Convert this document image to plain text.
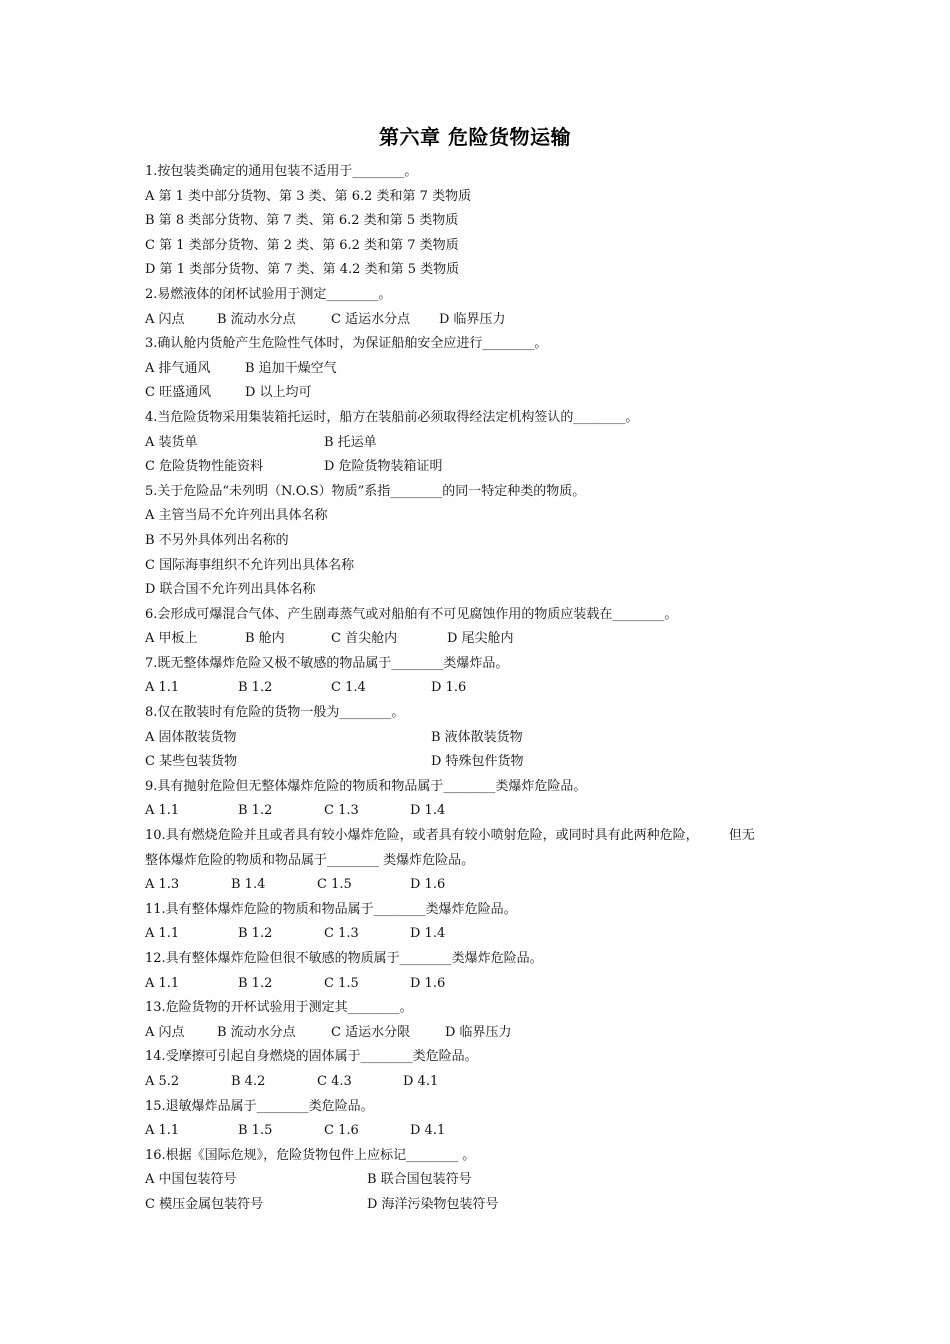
第六章 危险货物运输
1.按包装类确定的通用包装不适用于________。
A 第 1 类中部分货物、第 3 类、第 6.2 类和第 7 类物质
B 第 8 类部分货物、第 7 类、第 6.2 类和第 5 类物质
C 第 1 类部分货物、第 2 类、第 6.2 类和第 7 类物质
D 第 1 类部分货物、第 7 类、第 4.2 类和第 5 类物质
2.易燃液体的闭杯试验用于测定________。
A 闪点 B 流动水分点	C 适运水分点 D 临界压力
3.确认舱内货舱产生危险性气体时，为保证船舶安全应进行________。
A 排气通风	B 追加干燥空气
C 旺盛通风	D 以上均可
4.当危险货物采用集装箱托运时，船方在装船前必须取得经法定机构签认的________。
A 装货单	B 托运单
C 危险货物性能资料	D 危险货物装箱证明
5.关于危险品“未列明（N.O.S）物质”系指________的同一特定种类的物质。
A 主管当局不允许列出具体名称
B 不另外具体列出名称的
C 国际海事组织不允许列出具体名称
D 联合国不允许列出具体名称
6.会形成可爆混合气体、产生剧毒蒸气或对船舶有不可见腐蚀作用的物质应装载在________。
A 甲板上	B 舱内	C 首尖舱内	D 尾尖舱内
7.既无整体爆炸危险又极不敏感的物品属于________类爆炸品。
A 1.1	B 1.2	C 1.4	D 1.6
8.仅在散装时有危险的货物一般为________。
A 固体散装货物	B 液体散装货物
C 某些包装货物	D 特殊包件货物
9.具有抛射危险但无整体爆炸危险的物质和物品属于________类爆炸危险品。
A 1.1	B 1.2	C 1.3	D 1.4
10.具有燃烧危险并且或者具有较小爆炸危险，或者具有较小喷射危险，或同时具有此两种危险， 但无
整体爆炸危险的物质和物品属于________ 类爆炸危险品。
A 1.3	B 1.4	C 1.5	D 1.6
11.具有整体爆炸危险的物质和物品属于________类爆炸危险品。
A 1.1	B 1.2	C 1.3	D 1.4
12.具有整体爆炸危险但很不敏感的物质属于________类爆炸危险品。
A 1.1	B 1.2	C 1.5	D 1.6
13.危险货物的开杯试验用于测定其________。
A 闪点 B 流动水分点	C 适运水分限	D 临界压力
14.受摩擦可引起自身燃烧的固体属于________类危险品。
A 5.2	B 4.2	C 4.3	D 4.1
15.退敏爆炸品属于________类危险品。
A 1.1	B 1.5	C 1.6	D 4.1
16.根据《国际危规》，危险货物包件上应标记________ 。
A 中国包装符号	B 联合国包装符号
C 模压金属包装符号	D 海洋污染物包装符号
